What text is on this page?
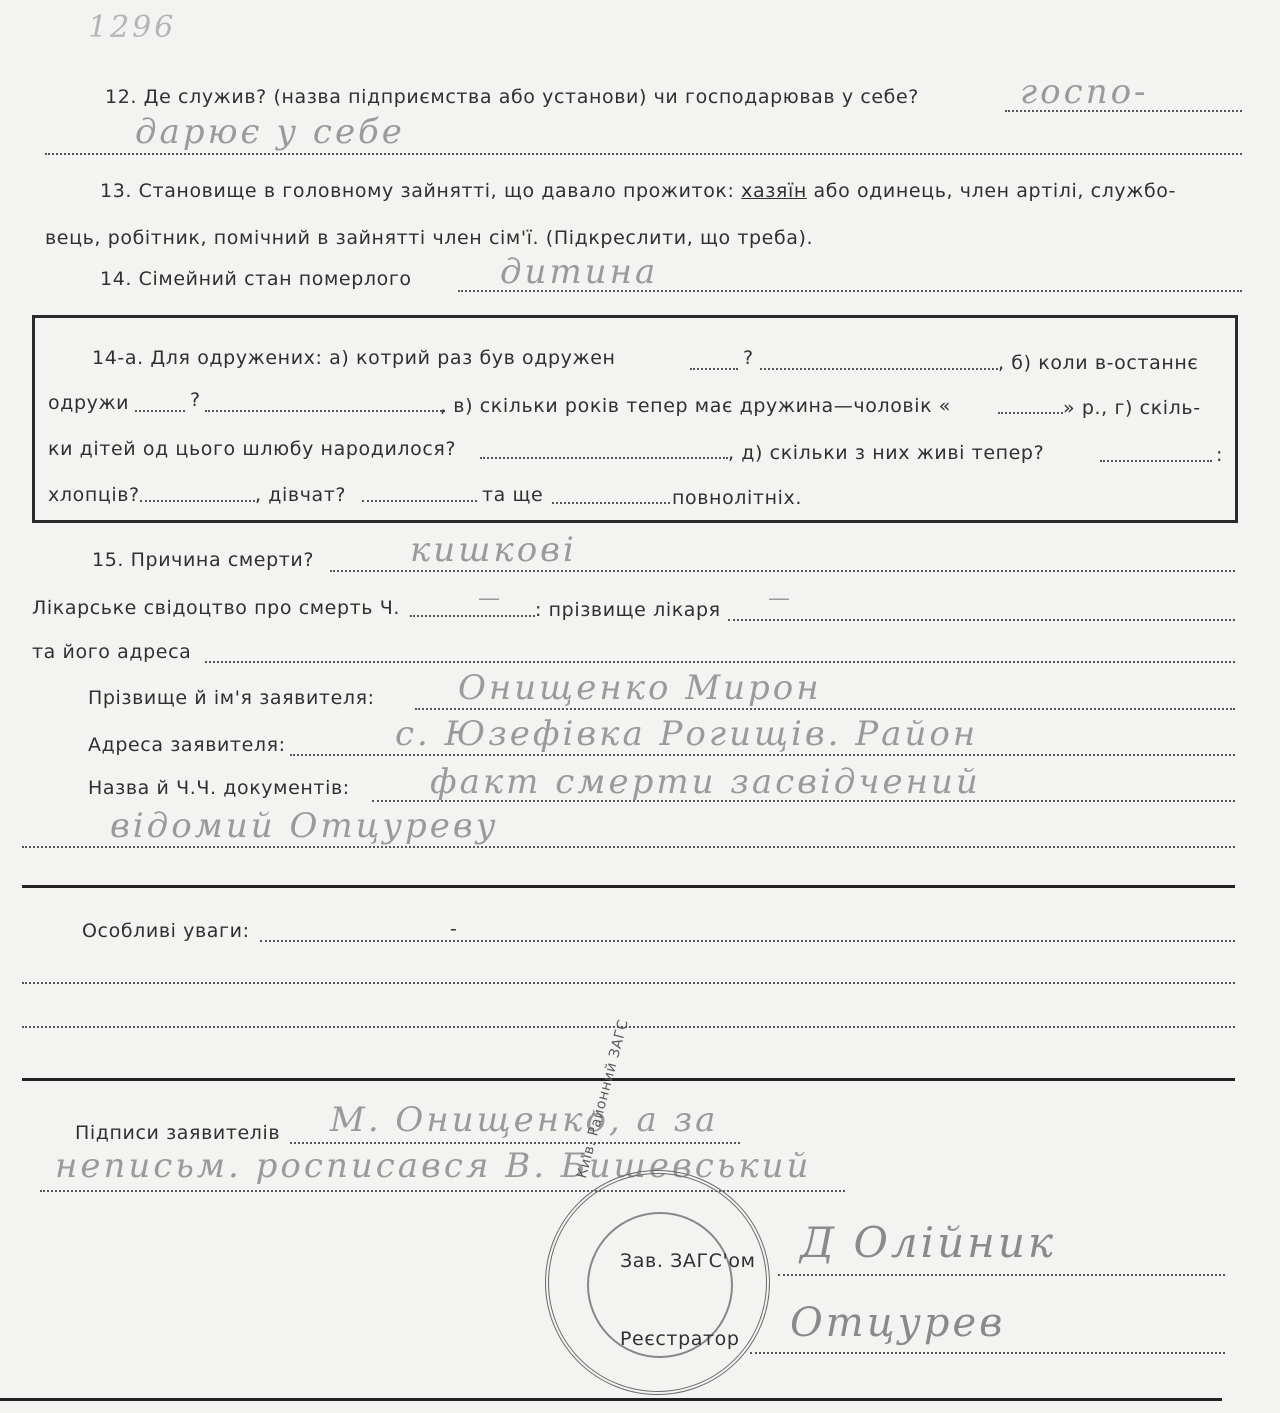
1296
12. Де служив? (назва підприємства або установи) чи господарював у себе?	госпо-
дарює у себе
13. Становище в головному зайнятті, що давало прожиток: хазяїн або одинець, член артілі, службо-
вець, робітник, помічний в зайнятті член сім'ї. (Підкреслити, що треба).
14. Сімейний стан померлого	дитина
14-а. Для одружених: а) котрий раз був одружен	?	, б) коли в-останнє
одружи	?	, в) скільки років тепер має дружина—чоловік «	» р., г) скіль-
ки дітей од цього шлюбу народилося?	, д) скільки з них живі тепер?	:
хлопців?	, дівчат?	та ще	повнолітніх.
15. Причина смерти?	кишкові
Лікарське свідоцтво про смерть Ч.	— : прізвище лікаря —
та його адреса
Прізвище й ім'я заявителя: Онищенко Мирон
Адреса заявителя:	с. Юзефівка Рогищів. Район
Назва й Ч.Ч. документів: факт смерти засвідчений
відомий Отцуреву
Особливі уваги:	-
Підписи заявителів М. Онищенко, а за
неписьм. росписався В. Бишевський
Київ. Районний ЗАГС
Зав. ЗАГС'ом Д Олійник
Реєстратор Отцурев
